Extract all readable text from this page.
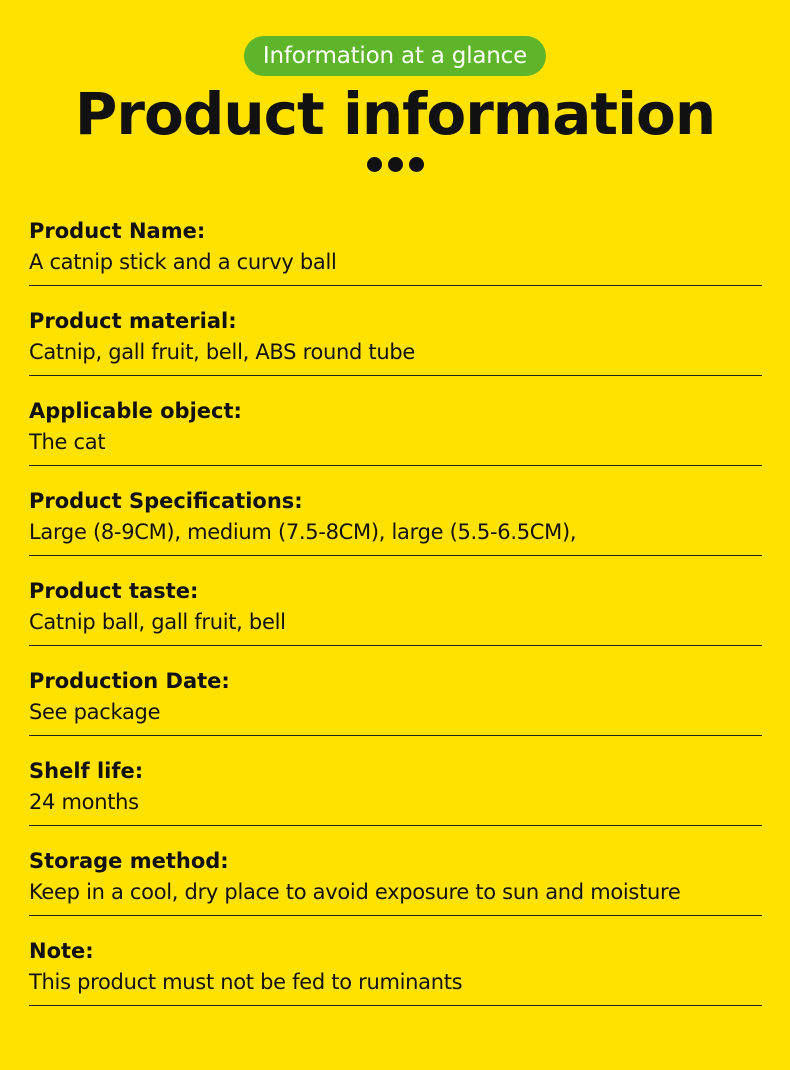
Information at a glance
Product information
Product Name:
A catnip stick and a curvy ball
Product material:
Catnip, gall fruit, bell, ABS round tube
Applicable object:
The cat
Product Specifications:
Large (8-9CM), medium (7.5-8CM), large (5.5-6.5CM),
Product taste:
Catnip ball, gall fruit, bell
Production Date:
See package
Shelf life:
24 months
Storage method:
Keep in a cool, dry place to avoid exposure to sun and moisture
Note:
This product must not be fed to ruminants
